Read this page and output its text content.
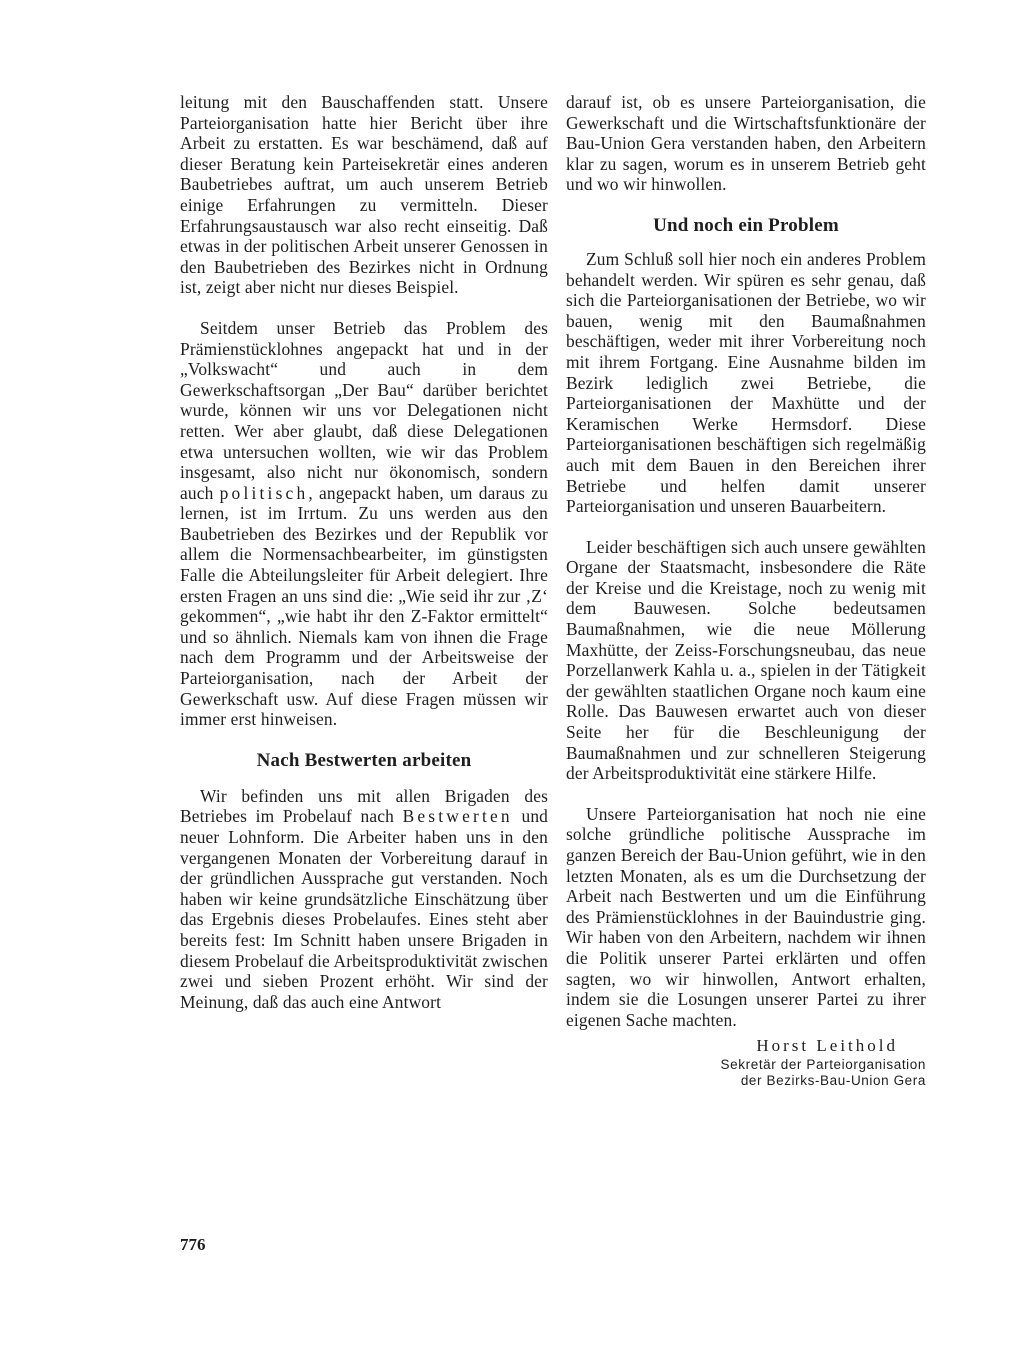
leitung mit den Bauschaffenden statt. Unsere Parteiorganisation hatte hier Bericht über ihre Arbeit zu erstatten. Es war beschämend, daß auf dieser Beratung kein Parteisekretär eines anderen Baubetriebes auftrat, um auch unserem Betrieb einige Erfahrungen zu vermitteln. Dieser Erfahrungsaustausch war also recht einseitig. Daß etwas in der politischen Arbeit unserer Genossen in den Baubetrieben des Bezirkes nicht in Ordnung ist, zeigt aber nicht nur dieses Beispiel.

Seitdem unser Betrieb das Problem des Prämienstücklohnes angepackt hat und in der „Volkswacht“ und auch in dem Gewerkschaftsorgan „Der Bau“ darüber berichtet wurde, können wir uns vor Delegationen nicht retten. Wer aber glaubt, daß diese Delegationen etwa untersuchen wollten, wie wir das Problem insgesamt, also nicht nur ökonomisch, sondern auch politisch, angepackt haben, um daraus zu lernen, ist im Irrtum. Zu uns werden aus den Baubetrieben des Bezirkes und der Republik vor allem die Normensachbearbeiter, im günstigsten Falle die Abteilungsleiter für Arbeit delegiert. Ihre ersten Fragen an uns sind die: „Wie seid ihr zur ‚Z‘ gekommen“, „wie habt ihr den Z-Faktor ermittelt“ und so ähnlich. Niemals kam von ihnen die Frage nach dem Programm und der Arbeitsweise der Parteiorganisation, nach der Arbeit der Gewerkschaft usw. Auf diese Fragen müssen wir immer erst hinweisen.

Nach Bestwerten arbeiten

Wir befinden uns mit allen Brigaden des Betriebes im Probelauf nach Bestwerten und neuer Lohnform. Die Arbeiter haben uns in den vergangenen Monaten der Vorbereitung darauf in der gründlichen Aussprache gut verstanden. Noch haben wir keine grundsätzliche Einschätzung über das Ergebnis dieses Probelaufes. Eines steht aber bereits fest: Im Schnitt haben unsere Brigaden in diesem Probelauf die Arbeitsproduktivität zwischen zwei und sieben Prozent erhöht. Wir sind der Meinung, daß das auch eine Antwort

darauf ist, ob es unsere Parteiorganisation, die Gewerkschaft und die Wirtschaftsfunktionäre der Bau-Union Gera verstanden haben, den Arbeitern klar zu sagen, worum es in unserem Betrieb geht und wo wir hinwollen.

Und noch ein Problem

Zum Schluß soll hier noch ein anderes Problem behandelt werden. Wir spüren es sehr genau, daß sich die Parteiorganisationen der Betriebe, wo wir bauen, wenig mit den Baumaßnahmen beschäftigen, weder mit ihrer Vorbereitung noch mit ihrem Fortgang. Eine Ausnahme bilden im Bezirk lediglich zwei Betriebe, die Parteiorganisationen der Maxhütte und der Keramischen Werke Hermsdorf. Diese Parteiorganisationen beschäftigen sich regelmäßig auch mit dem Bauen in den Bereichen ihrer Betriebe und helfen damit unserer Parteiorganisation und unseren Bauarbeitern.

Leider beschäftigen sich auch unsere gewählten Organe der Staatsmacht, insbesondere die Räte der Kreise und die Kreistage, noch zu wenig mit dem Bauwesen. Solche bedeutsamen Baumaßnahmen, wie die neue Möllerung Maxhütte, der Zeiss-Forschungsneubau, das neue Porzellanwerk Kahla u. a., spielen in der Tätigkeit der gewählten staatlichen Organe noch kaum eine Rolle. Das Bauwesen erwartet auch von dieser Seite her für die Beschleunigung der Baumaßnahmen und zur schnelleren Steigerung der Arbeitsproduktivität eine stärkere Hilfe.

Unsere Parteiorganisation hat noch nie eine solche gründliche politische Aussprache im ganzen Bereich der Bau-Union geführt, wie in den letzten Monaten, als es um die Durchsetzung der Arbeit nach Bestwerten und um die Einführung des Prämienstücklohnes in der Bauindustrie ging. Wir haben von den Arbeitern, nachdem wir ihnen die Politik unserer Partei erklärten und offen sagten, wo wir hinwollen, Antwort erhalten, indem sie die Losungen unserer Partei zu ihrer eigenen Sache machten.

Horst Leithold
Sekretär der Parteiorganisation
der Bezirks-Bau-Union Gera
776
